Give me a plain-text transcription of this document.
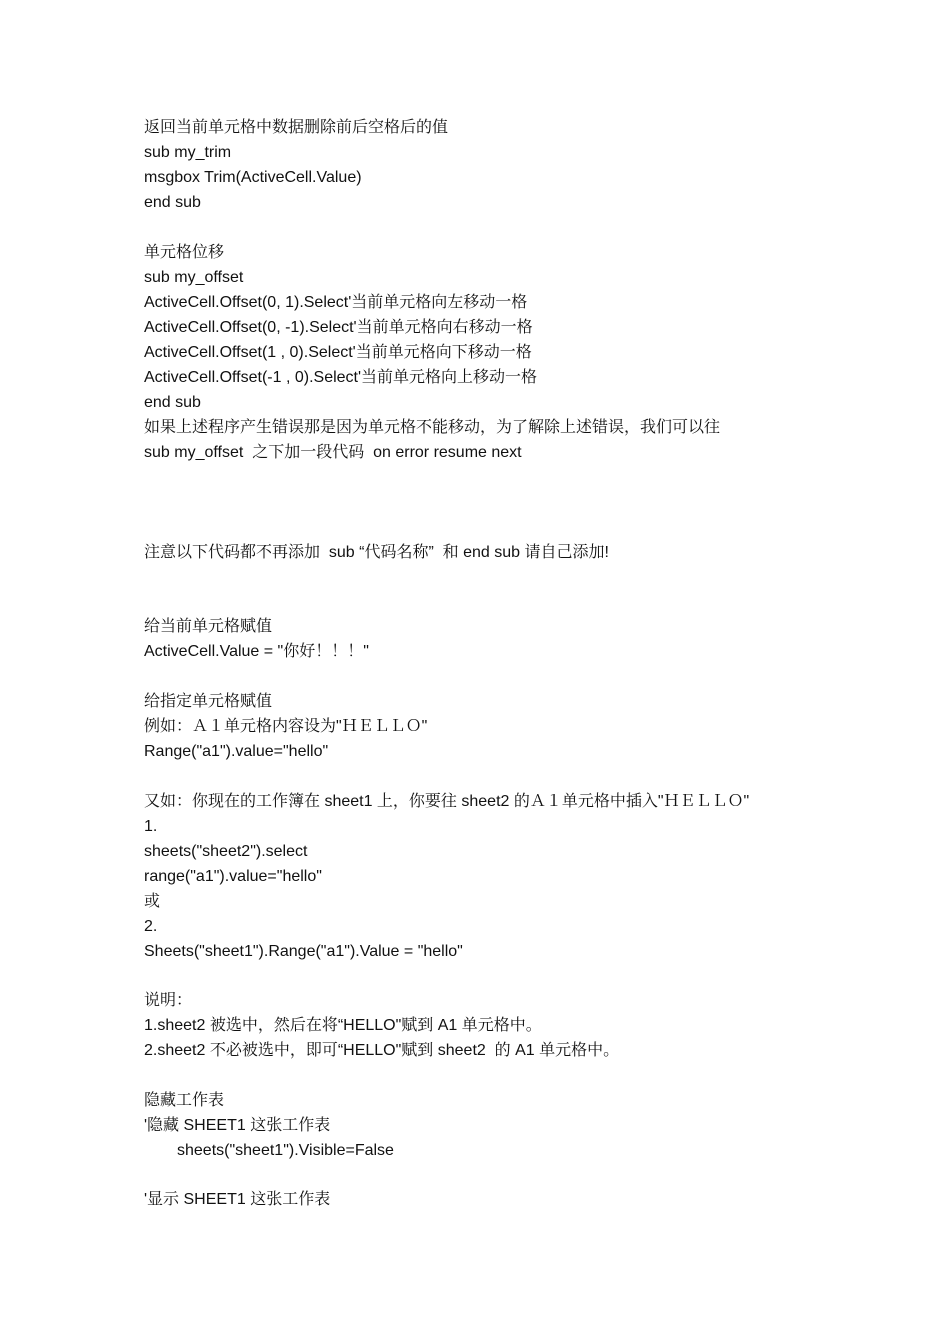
返回当前单元格中数据删除前后空格后的值
sub my_trim
msgbox Trim(ActiveCell.Value)
end sub
单元格位移
sub my_offset
ActiveCell.Offset(0, 1).Select'当前单元格向左移动一格
ActiveCell.Offset(0, -1).Select'当前单元格向右移动一格
ActiveCell.Offset(1 , 0).Select'当前单元格向下移动一格
ActiveCell.Offset(-1 , 0).Select'当前单元格向上移动一格
end sub
如果上述程序产生错误那是因为单元格不能移动，为了解除上述错误，我们可以往
sub my_offset  之下加一段代码  on error resume next
注意以下代码都不再添加  sub “代码名称”  和 end sub 请自己添加!
给当前单元格赋值
ActiveCell.Value = "你好！！！"
给指定单元格赋值
例如：Ａ１单元格内容设为"ＨＥＬＬＯ"
Range("a1").value="hello"
又如：你现在的工作簿在 sheet1 上，你要往 sheet2 的Ａ１单元格中插入"ＨＥＬＬＯ"
1.
sheets("sheet2").select
range("a1").value="hello"
或
2.
Sheets("sheet1").Range("a1").Value = "hello"
说明：
1.sheet2 被选中，然后在将“HELLO"赋到 A1 单元格中。
2.sheet2 不必被选中，即可“HELLO"赋到 sheet2  的 A1 单元格中。
隐藏工作表
'隐藏 SHEET1 这张工作表
sheets("sheet1").Visible=False
'显示 SHEET1 这张工作表
